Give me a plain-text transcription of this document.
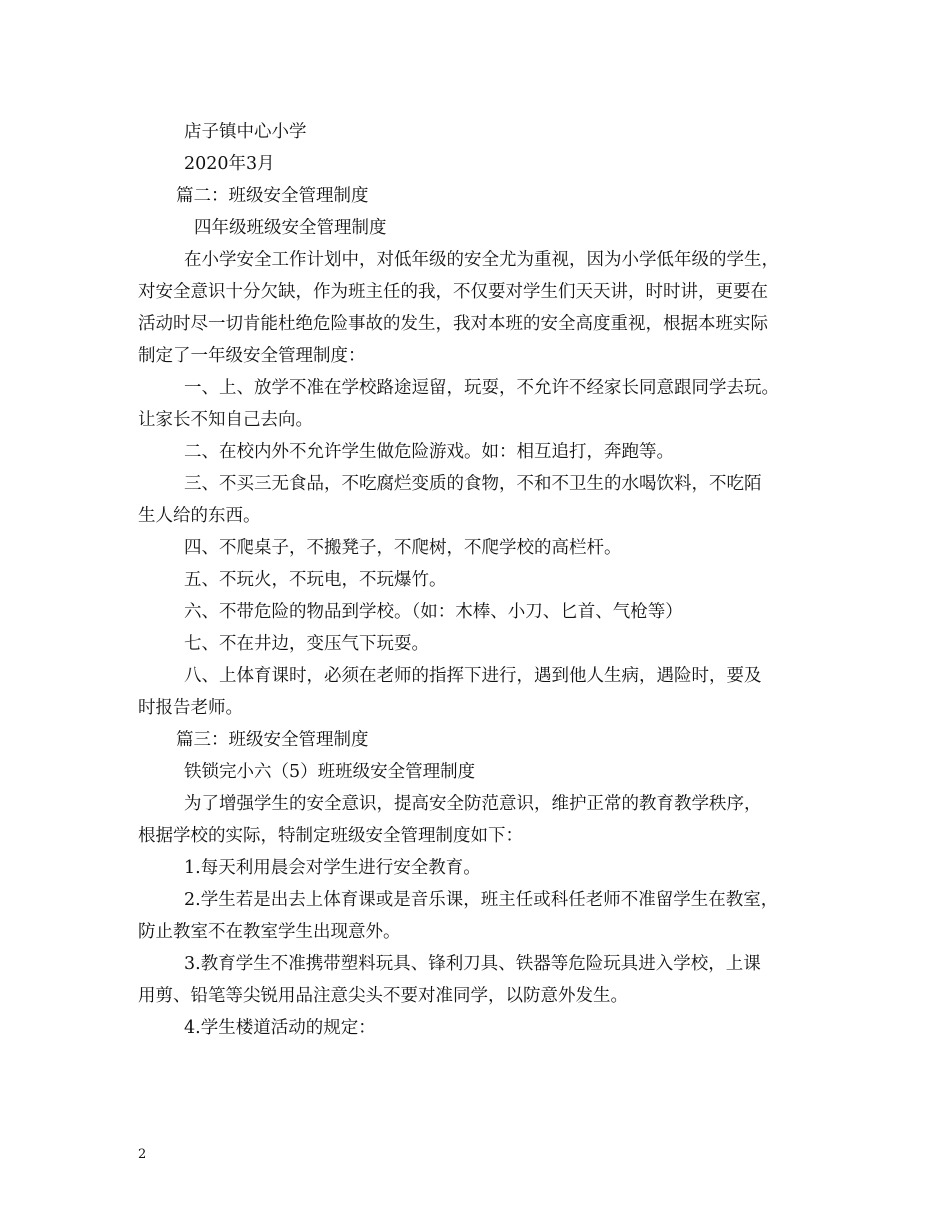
店子镇中心小学
2020年3月
篇二：班级安全管理制度
四年级班级安全管理制度
在小学安全工作计划中，对低年级的安全尤为重视，因为小学低年级的学生，
对安全意识十分欠缺，作为班主任的我，不仅要对学生们天天讲，时时讲，更要在
活动时尽一切肯能杜绝危险事故的发生，我对本班的安全高度重视，根据本班实际
制定了一年级安全管理制度：
一、上、放学不准在学校路途逗留，玩耍，不允许不经家长同意跟同学去玩。
让家长不知自己去向。
二、在校内外不允许学生做危险游戏。如：相互追打，奔跑等。
三、不买三无食品，不吃腐烂变质的食物，不和不卫生的水喝饮料，不吃陌
生人给的东西。
四、不爬桌子，不搬凳子，不爬树，不爬学校的高栏杆。
五、不玩火，不玩电，不玩爆竹。
六、不带危险的物品到学校。（如：木棒、小刀、匕首、气枪等）
七、不在井边，变压气下玩耍。
八、上体育课时，必须在老师的指挥下进行，遇到他人生病，遇险时，要及
时报告老师。
篇三：班级安全管理制度
铁锁完小六（5）班班级安全管理制度
为了增强学生的安全意识，提高安全防范意识，维护正常的教育教学秩序，
根据学校的实际，特制定班级安全管理制度如下：
1.每天利用晨会对学生进行安全教育。
2.学生若是出去上体育课或是音乐课，班主任或科任老师不准留学生在教室，
防止教室不在教室学生出现意外。
3.教育学生不准携带塑料玩具、锋利刀具、铁器等危险玩具进入学校，上课
用剪、铅笔等尖锐用品注意尖头不要对准同学，以防意外发生。
4.学生楼道活动的规定：
2
